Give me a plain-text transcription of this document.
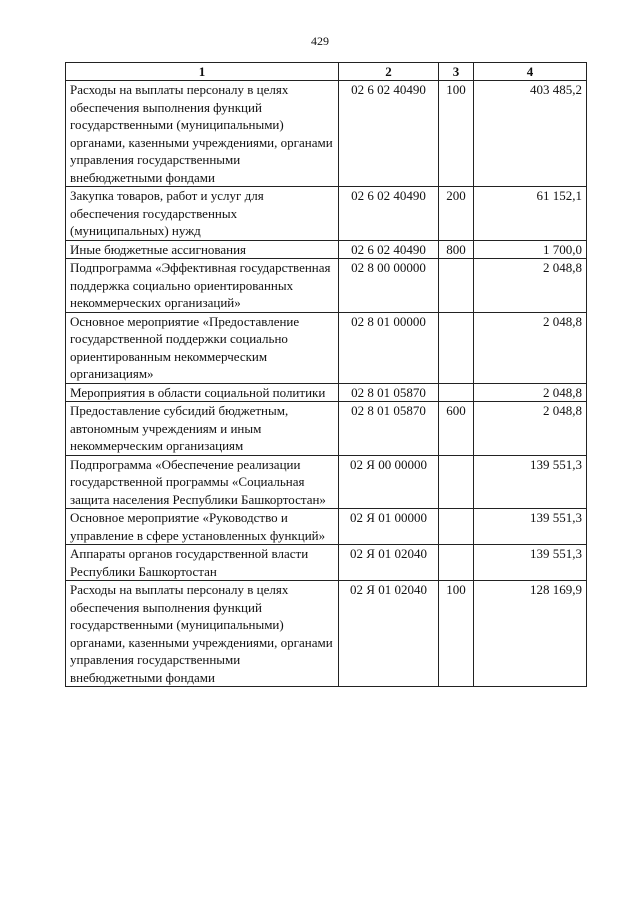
429
1	2	3	4
Расходы на выплаты персоналу в целях обеспечения выполнения функций государственными (муниципальными) органами, казенными учреждениями, органами управления государственными внебюджетными фондами	02 6 02 40490	100	403 485,2
Закупка товаров, работ и услуг для обеспечения государственных (муниципальных) нужд	02 6 02 40490	200	61 152,1
Иные бюджетные ассигнования	02 6 02 40490	800	1 700,0
Подпрограмма «Эффективная государственная поддержка социально ориентированных некоммерческих организаций»	02 8 00 00000		2 048,8
Основное мероприятие «Предоставление государственной поддержки социально ориентированным некоммерческим организациям»	02 8 01 00000		2 048,8
Мероприятия в области социальной политики	02 8 01 05870		2 048,8
Предоставление субсидий бюджетным, автономным учреждениям и иным некоммерческим организациям	02 8 01 05870	600	2 048,8
Подпрограмма «Обеспечение реализации государственной программы «Социальная защита населения Республики Башкортостан»	02 Я 00 00000		139 551,3
Основное мероприятие «Руководство и управление в сфере установленных функций»	02 Я 01 00000		139 551,3
Аппараты органов государственной власти Республики Башкортостан	02 Я 01 02040		139 551,3
Расходы на выплаты персоналу в целях обеспечения выполнения функций государственными (муниципальными) органами, казенными учреждениями, органами управления государственными внебюджетными фондами	02 Я 01 02040	100	128 169,9
